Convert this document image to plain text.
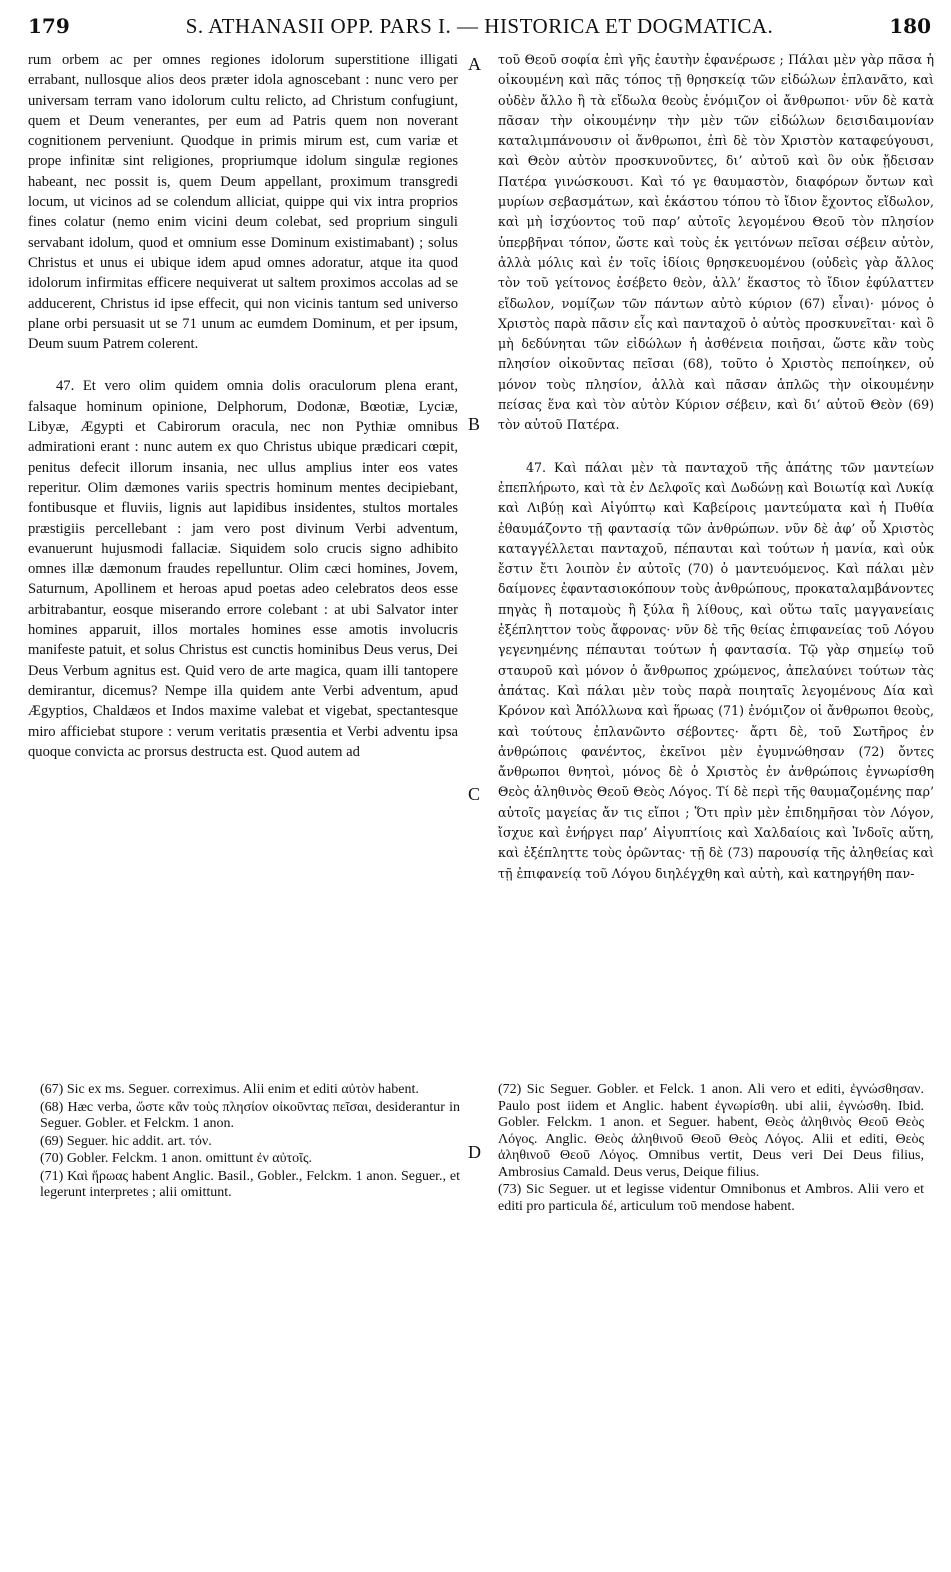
179	S. ATHANASII OPP. PARS I. — HISTORICA ET DOGMATICA.	180

rum orbem ac per omnes regiones idolorum superstitione illigati errabant, nullosque alios deos præter idola agnoscebant : nunc vero per universam terram vano idolorum cultu relicto, ad Christum confugiunt, quem et Deum venerantes, per eum ad Patris quem non noverant cognitionem perveniunt. Quodque in primis mirum est, cum variæ et prope infinitæ sint religiones, propriumque idolum singulæ regiones habeant, nec possit is, quem Deum appellant, proximum transgredi locum, ut vicinos ad se colendum alliciat, quippe qui vix intra proprios fines colatur (nemo enim vicini deum colebat, sed proprium singuli servabant idolum, quod et omnium esse Dominum existimabant) ; solus Christus et unus ei ubique idem apud omnes adoratur, atque ita quod idolorum infirmitas efficere nequiverat ut saltem proximos accolas ad se adducerent, Christus id ipse effecit, qui non vicinis tantum sed universo plane orbi persuasit ut se 71 unum ac eumdem Dominum, et per ipsum, Deum suum Patrem colerent.

47. Et vero olim quidem omnia dolis oraculorum plena erant, falsaque hominum opinione, Delphorum, Dodonæ, Bœotiæ, Lyciæ, Libyæ, Ægypti et Cabirorum oracula, nec non Pythiæ omnibus admirationi erant : nunc autem ex quo Christus ubique prædicari cœpit, penitus defecit illorum insania, nec ullus amplius inter eos vates reperitur. Olim dæmones variis spectris hominum mentes decipiebant, fontibusque et fluviis, lignis aut lapidibus insidentes, stultos mortales præstigiis percellebant : jam vero post divinum Verbi adventum, evanuerunt hujusmodi fallaciæ. Siquidem solo crucis signo adhibito omnes illæ dæmonum fraudes repelluntur. Olim cæci homines, Jovem, Saturnum, Apollinem et heroas apud poetas adeo celebratos deos esse arbitrabantur, eosque miserando errore colebant : at ubi Salvator inter homines apparuit, illos mortales homines esse amotis involucris manifeste patuit, et solus Christus est cunctis hominibus Deus verus, Dei Deus Verbum agnitus est. Quid vero de arte magica, quam illi tantopere demirantur, dicemus? Nempe illa quidem ante Verbi adventum, apud Ægyptios, Chaldæos et Indos maxime valebat et vigebat, spectantesque miro afficiebat stupore : verum veritatis præsentia et Verbi adventu ipsa quoque convicta ac prorsus destructa est. Quod autem ad

A
B
C
D

τοῦ Θεοῦ σοφία ἐπὶ γῆς ἑαυτὴν ἐφανέρωσε ; Πάλαι μὲν γὰρ πᾶσα ἡ οἰκουμένη καὶ πᾶς τόπος τῇ θρησκείᾳ τῶν εἰδώλων ἐπλανᾶτο, καὶ οὐδὲν ἄλλο ἢ τὰ εἴδωλα θεοὺς ἐνόμιζον οἱ ἄνθρωποι· νῦν δὲ κατὰ πᾶσαν τὴν οἰκουμένην τὴν μὲν τῶν εἰδώλων δεισιδαιμονίαν καταλιμπάνουσιν οἱ ἄνθρωποι, ἐπὶ δὲ τὸν Χριστὸν καταφεύγουσι, καὶ Θεὸν αὐτὸν προσκυνοῦντες, δι’ αὐτοῦ καὶ ὃν οὐκ ᾔδεισαν Πατέρα γινώσκουσι. Καὶ τό γε θαυμαστὸν, διαφόρων ὄντων καὶ μυρίων σεβασμάτων, καὶ ἑκάστου τόπου τὸ ἴδιον ἔχοντος εἴδωλον, καὶ μὴ ἰσχύοντος τοῦ παρ’ αὐτοῖς λεγομένου Θεοῦ τὸν πλησίον ὑπερβῆναι τόπον, ὥστε καὶ τοὺς ἐκ γειτόνων πεῖσαι σέβειν αὐτὸν, ἀλλὰ μόλις καὶ ἐν τοῖς ἰδίοις θρησκευομένου (οὐδεὶς γὰρ ἄλλος τὸν τοῦ γείτονος ἐσέβετο θεὸν, ἀλλ’ ἕκαστος τὸ ἴδιον ἐφύλαττεν εἴδωλον, νομίζων τῶν πάντων αὐτὸ κύριον (67) εἶναι)· μόνος ὁ Χριστὸς παρὰ πᾶσιν εἷς καὶ πανταχοῦ ὁ αὐτὸς προσκυνεῖται· καὶ ὃ μὴ δεδύνηται τῶν εἰδώλων ἡ ἀσθένεια ποιῆσαι, ὥστε κἂν τοὺς πλησίον οἰκοῦντας πεῖσαι (68), τοῦτο ὁ Χριστὸς πεποίηκεν, οὐ μόνον τοὺς πλησίον, ἀλλὰ καὶ πᾶσαν ἁπλῶς τὴν οἰκουμένην πείσας ἕνα καὶ τὸν αὐτὸν Κύριον σέβειν, καὶ δι’ αὐτοῦ Θεὸν (69) τὸν αὐτοῦ Πατέρα.

47. Καὶ πάλαι μὲν τὰ πανταχοῦ τῆς ἀπάτης τῶν μαντείων ἐπεπλήρωτο, καὶ τὰ ἐν Δελφοῖς καὶ Δωδώνῃ καὶ Βοιωτίᾳ καὶ Λυκίᾳ καὶ Λιβύῃ καὶ Αἰγύπτῳ καὶ Καβείροις μαντεύματα καὶ ἡ Πυθία ἐθαυμάζοντο τῇ φαντασίᾳ τῶν ἀνθρώπων. νῦν δὲ ἀφ’ οὗ Χριστὸς καταγγέλλεται πανταχοῦ, πέπαυται καὶ τούτων ἡ μανία, καὶ οὐκ ἔστιν ἔτι λοιπὸν ἐν αὐτοῖς (70) ὁ μαντευόμενος. Καὶ πάλαι μὲν δαίμονες ἐφαντασιοκόπουν τοὺς ἀνθρώπους, προκαταλαμβάνοντες πηγὰς ἢ ποταμοὺς ἢ ξύλα ἢ λίθους, καὶ οὕτω ταῖς μαγγανείαις ἐξέπληττον τοὺς ἄφρονας· νῦν δὲ τῆς θείας ἐπιφανείας τοῦ Λόγου γεγενημένης πέπαυται τούτων ἡ φαντασία. Τῷ γὰρ σημείῳ τοῦ σταυροῦ καὶ μόνον ὁ ἄνθρωπος χρώμενος, ἀπελαύνει τούτων τὰς ἀπάτας. Καὶ πάλαι μὲν τοὺς παρὰ ποιηταῖς λεγομένους Δία καὶ Κρόνον καὶ Ἀπόλλωνα καὶ ἥρωας (71) ἐνόμιζον οἱ ἄνθρωποι θεοὺς, καὶ τούτους ἐπλανῶντο σέβοντες· ἄρτι δὲ, τοῦ Σωτῆρος ἐν ἀνθρώποις φανέντος, ἐκεῖνοι μὲν ἐγυμνώθησαν (72) ὄντες ἄνθρωποι θνητοὶ, μόνος δὲ ὁ Χριστὸς ἐν ἀνθρώποις ἐγνωρίσθη Θεὸς ἀληθινὸς Θεοῦ Θεὸς Λόγος. Τί δὲ περὶ τῆς θαυμαζομένης παρ’ αὐτοῖς μαγείας ἄν τις εἴποι ; Ὅτι πρὶν μὲν ἐπιδημῆσαι τὸν Λόγον, ἴσχυε καὶ ἐνήργει παρ’ Αἰγυπτίοις καὶ Χαλδαίοις καὶ Ἰνδοῖς αὕτη, καὶ ἐξέπληττε τοὺς ὁρῶντας· τῇ δὲ (73) παρουσίᾳ τῆς ἀληθείας καὶ τῇ ἐπιφανείᾳ τοῦ Λόγου διηλέγχθη καὶ αὐτὴ, καὶ κατηργήθη παν-

(67) Sic ex ms. Seguer. correximus. Alii enim et editi αὐτὸν habent.

(68) Hæc verba, ὥστε κἂν τοὺς πλησίον οἰκοῦντας πεῖσαι, desiderantur in Seguer. Gobler. et Felckm. 1 anon.

(69) Seguer. hic addit. art. τόν.

(70) Gobler. Felckm. 1 anon. omittunt ἐν αὐτοῖς.

(71) Καὶ ἥρωας habent Anglic. Basil., Gobler., Felckm. 1 anon. Seguer., et legerunt interpretes ; alii omittunt.

(72) Sic Seguer. Gobler. et Felck. 1 anon. Ali vero et editi, ἐγνώσθησαν. Paulo post iidem et Anglic. habent ἐγνωρίσθη. ubi alii, ἐγνώσθη. Ibid. Gobler. Felckm. 1 anon. et Seguer. habent, Θεὸς ἀληθινὸς Θεοῦ Θεὸς Λόγος. Anglic. Θεὸς ἀληθινοῦ Θεοῦ Θεὸς Λόγος. Alii et editi, Θεὸς ἀληθινοῦ Θεοῦ Λόγος. Omnibus vertit, Deus veri Dei Deus filius, Ambrosius Camald. Deus verus, Deique filius.

(73) Sic Seguer. ut et legisse videntur Omnibonus et Ambros. Alii vero et editi pro particula δέ, articulum τοῦ mendose habent.
